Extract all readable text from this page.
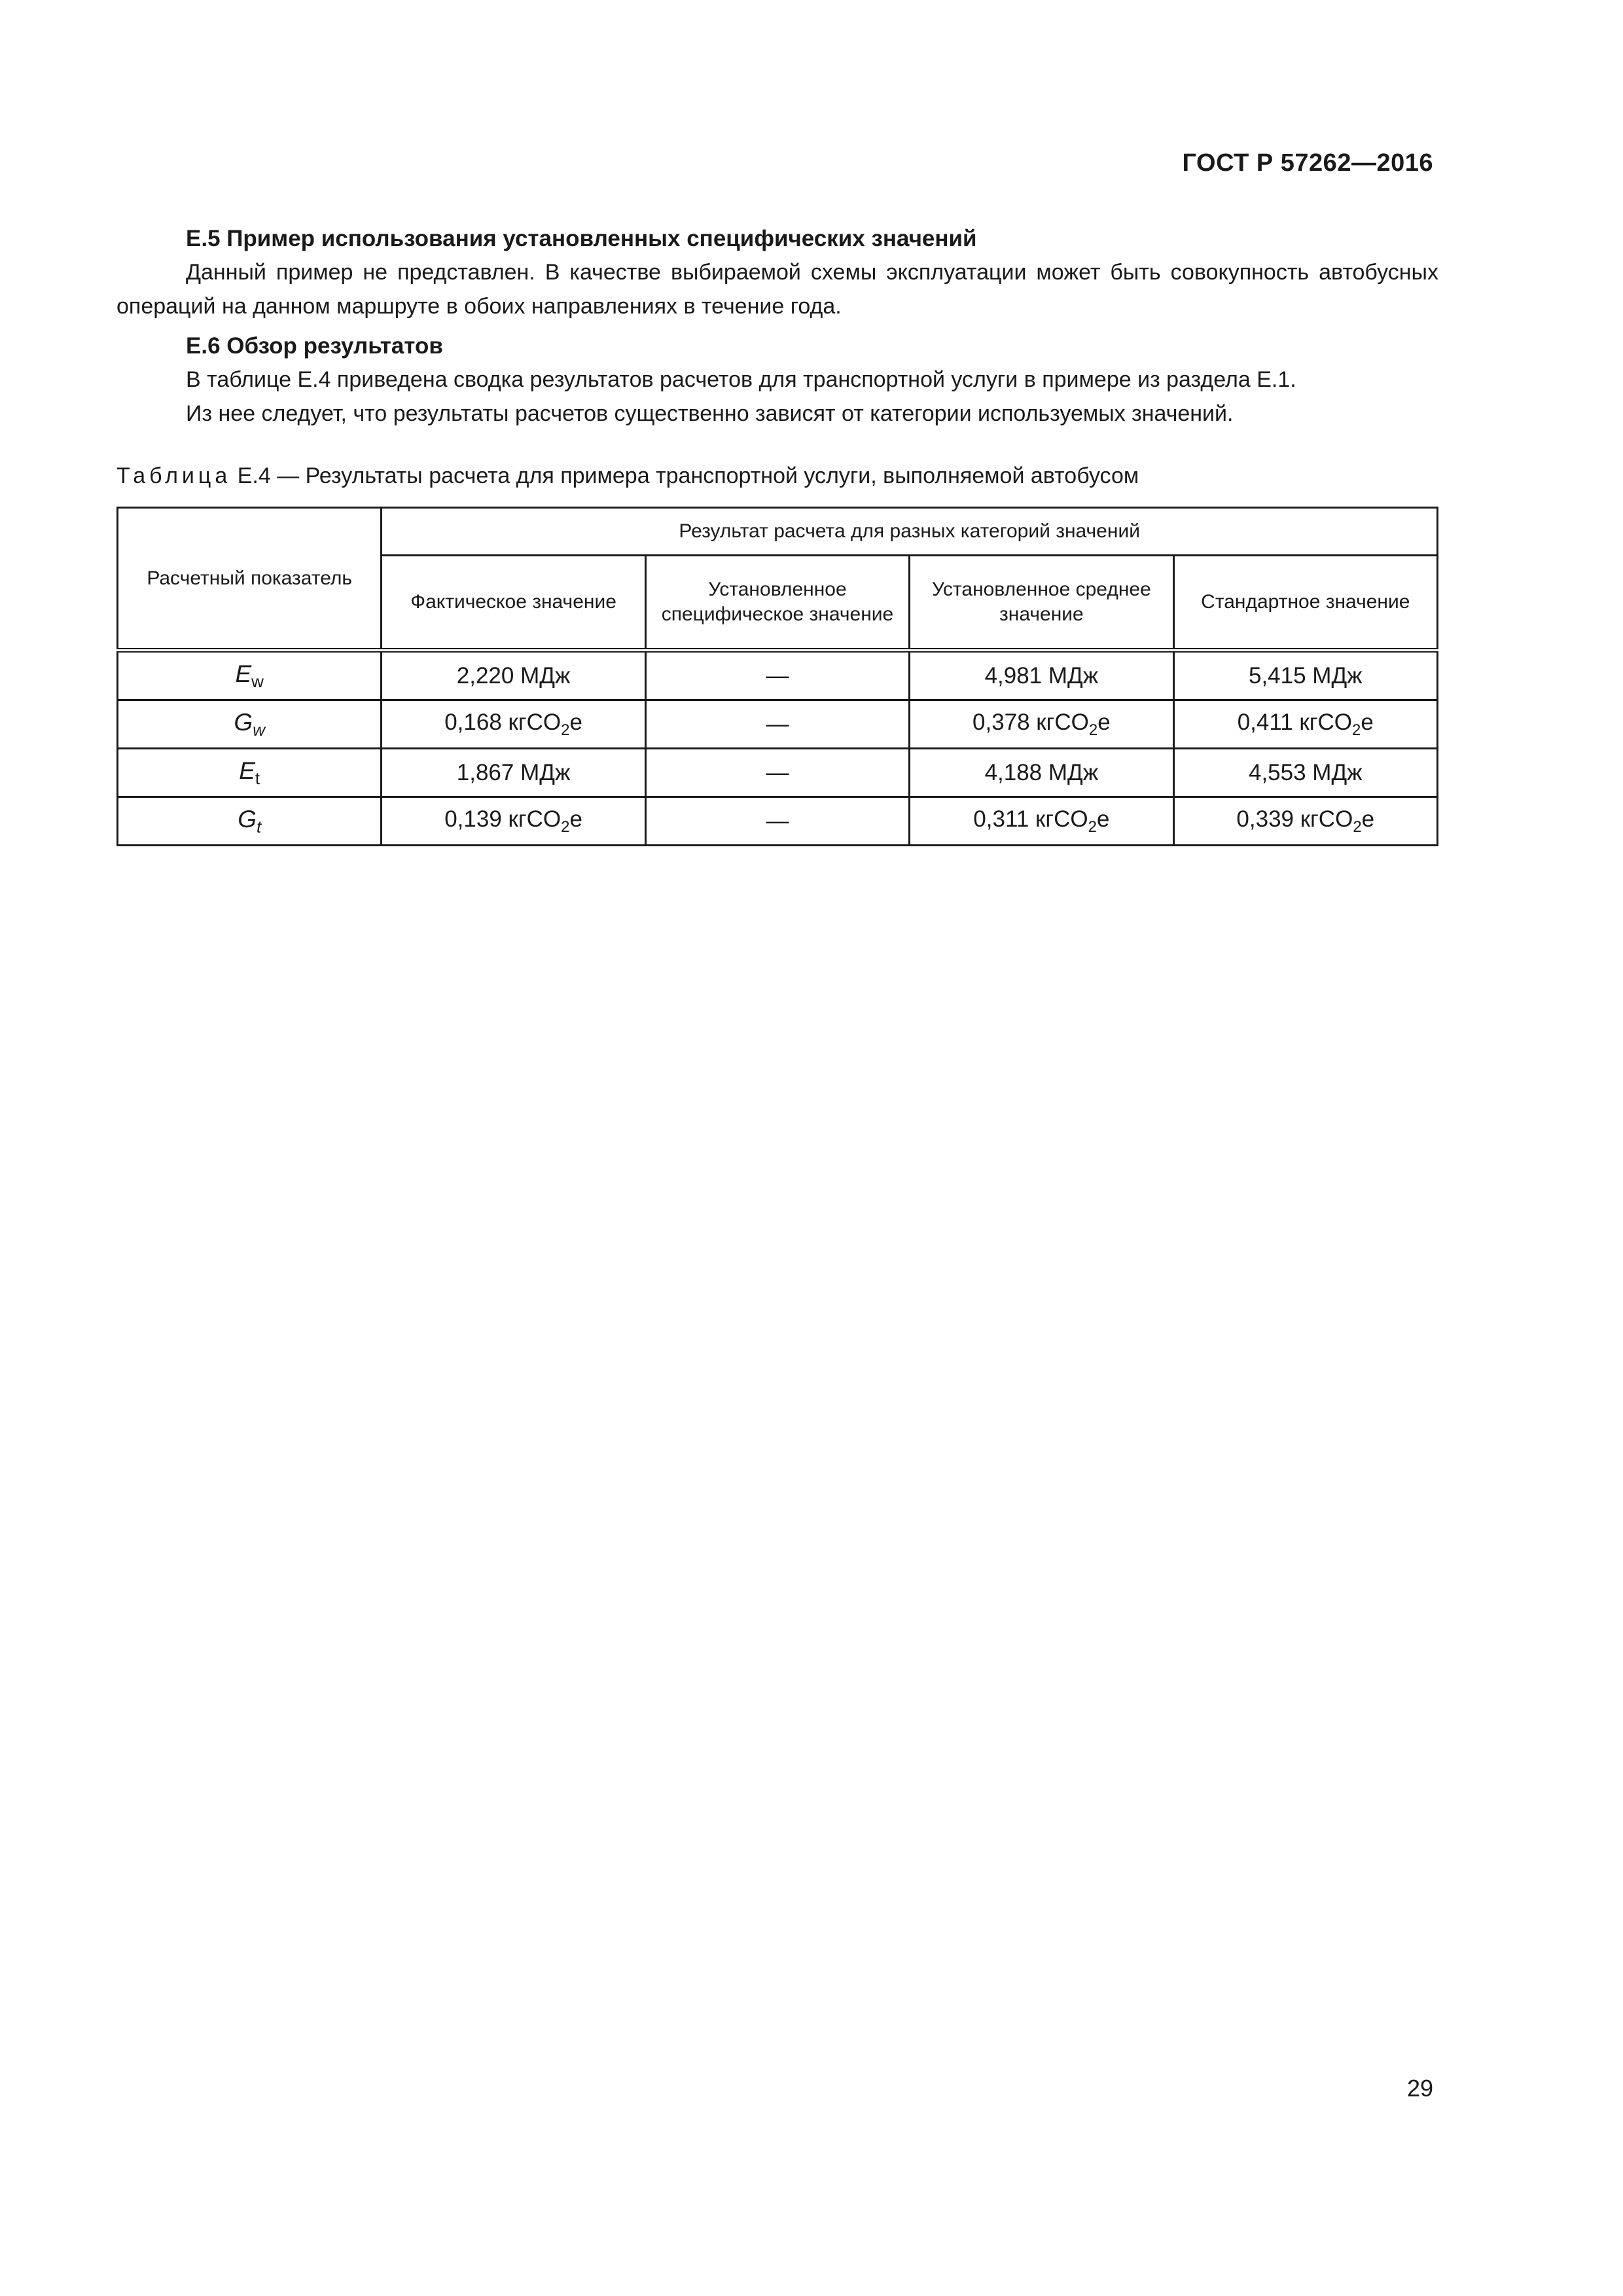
ГОСТ Р 57262—2016

Е.5 Пример использования установленных специфических значений

Данный пример не представлен. В качестве выбираемой схемы эксплуатации может быть совокупность автобусных операций на данном маршруте в обоих направлениях в течение года.

Е.6 Обзор результатов

В таблице Е.4 приведена сводка результатов расчетов для транспортной услуги в примере из раздела Е.1.

Из нее следует, что результаты расчетов существенно зависят от категории используемых значений.

Таблица Е.4 — Результаты расчета для примера транспортной услуги, выполняемой автобусом
Расчетный показатель	Результат расчета для разных категорий значений			
	Фактическое значение	Установленное специфическое значение	Установленное среднее значение	Стандартное значение
$E_w$	2,220 МДж	—	4,981 МДж	5,415 МДж
$G_w$	0,168 кгCO$_2$e	—	0,378 кгCO$_2$e	0,411 кгCO$_2$e
$E_t$	1,867 МДж	—	4,188 МДж	4,553 МДж
$G_t$	0,139 кгCO$_2$e	—	0,311 кгCO$_2$e	0,339 кгCO$_2$e
29
